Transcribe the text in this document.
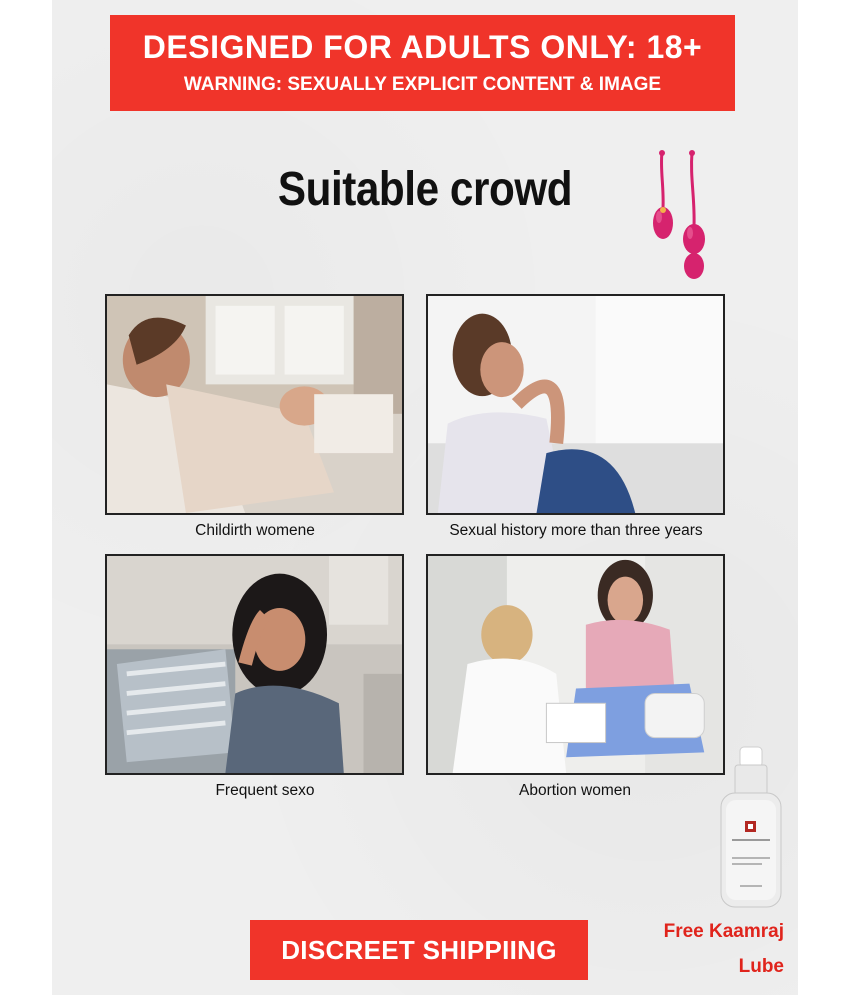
DESIGNED FOR ADULTS ONLY: 18+
WARNING: SEXUALLY EXPLICIT CONTENT & IMAGE
Suitable crowd
Childirth womene	Sexual history more than three years
Frequent sexo	Abortion women
DISCREET SHIPPIING
Free Kaamraj
Lube
